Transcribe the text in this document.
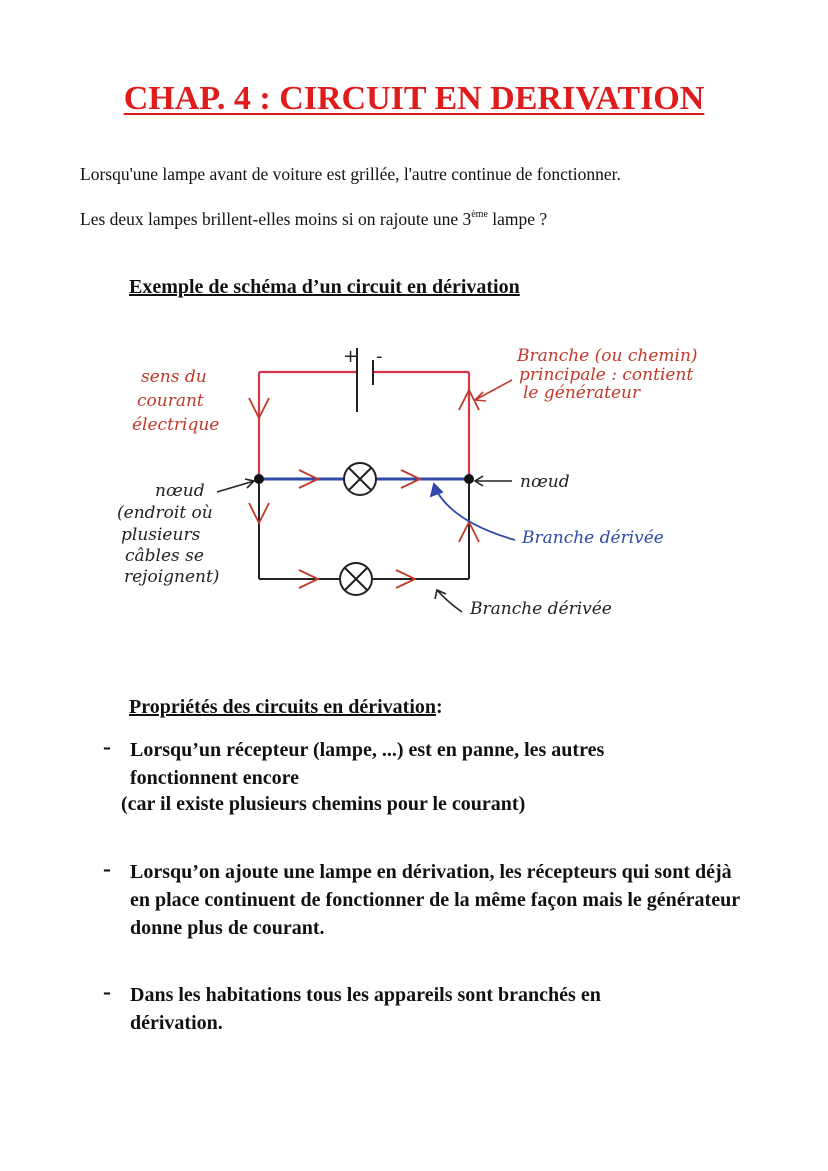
CHAP. 4 : CIRCUIT EN DERIVATION
Lorsqu'une lampe avant de voiture est grillée, l'autre continue de fonctionner.
Les deux lampes brillent-elles moins si on rajoute une 3ème lampe ?
Exemple de schéma d’un circuit en dérivation
+ -
sens du
courant
électrique
Branche (ou chemin)
principale : contient
le générateur
nœud
(endroit où
plusieurs
câbles se
rejoignent)
nœud
Branche dérivée
Branche dérivée
Propriétés des circuits en dérivation:
- Lorsqu’un récepteur (lampe, ...) est en panne, les autres fonctionnent encore
(car il existe plusieurs chemins pour le courant)
- Lorsqu’on ajoute une lampe en dérivation, les récepteurs qui sont déjà en place continuent de fonctionner de la même façon mais le générateur donne plus de courant.
- Dans les habitations tous les appareils sont branchés en dérivation.
